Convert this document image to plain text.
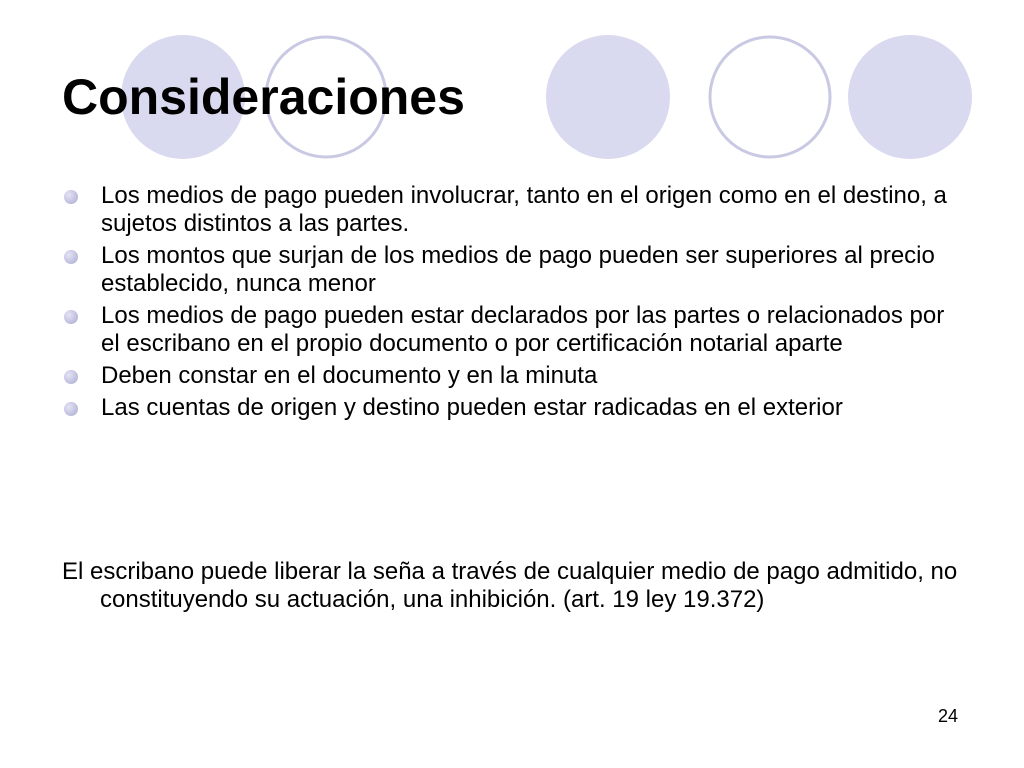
Consideraciones
Los medios de pago pueden involucrar, tanto en el origen como en el destino, a sujetos distintos a las partes.
Los montos que surjan de los medios de pago pueden ser superiores al precio establecido, nunca menor
Los medios de pago pueden estar declarados por las partes o relacionados por el escribano en el propio documento o por certificación notarial aparte
Deben constar en el documento y en la minuta
Las cuentas de origen y destino pueden estar radicadas en el exterior

El escribano puede liberar la seña a través de cualquier medio de pago admitido, no constituyendo su actuación, una inhibición. (art. 19 ley 19.372)

24
